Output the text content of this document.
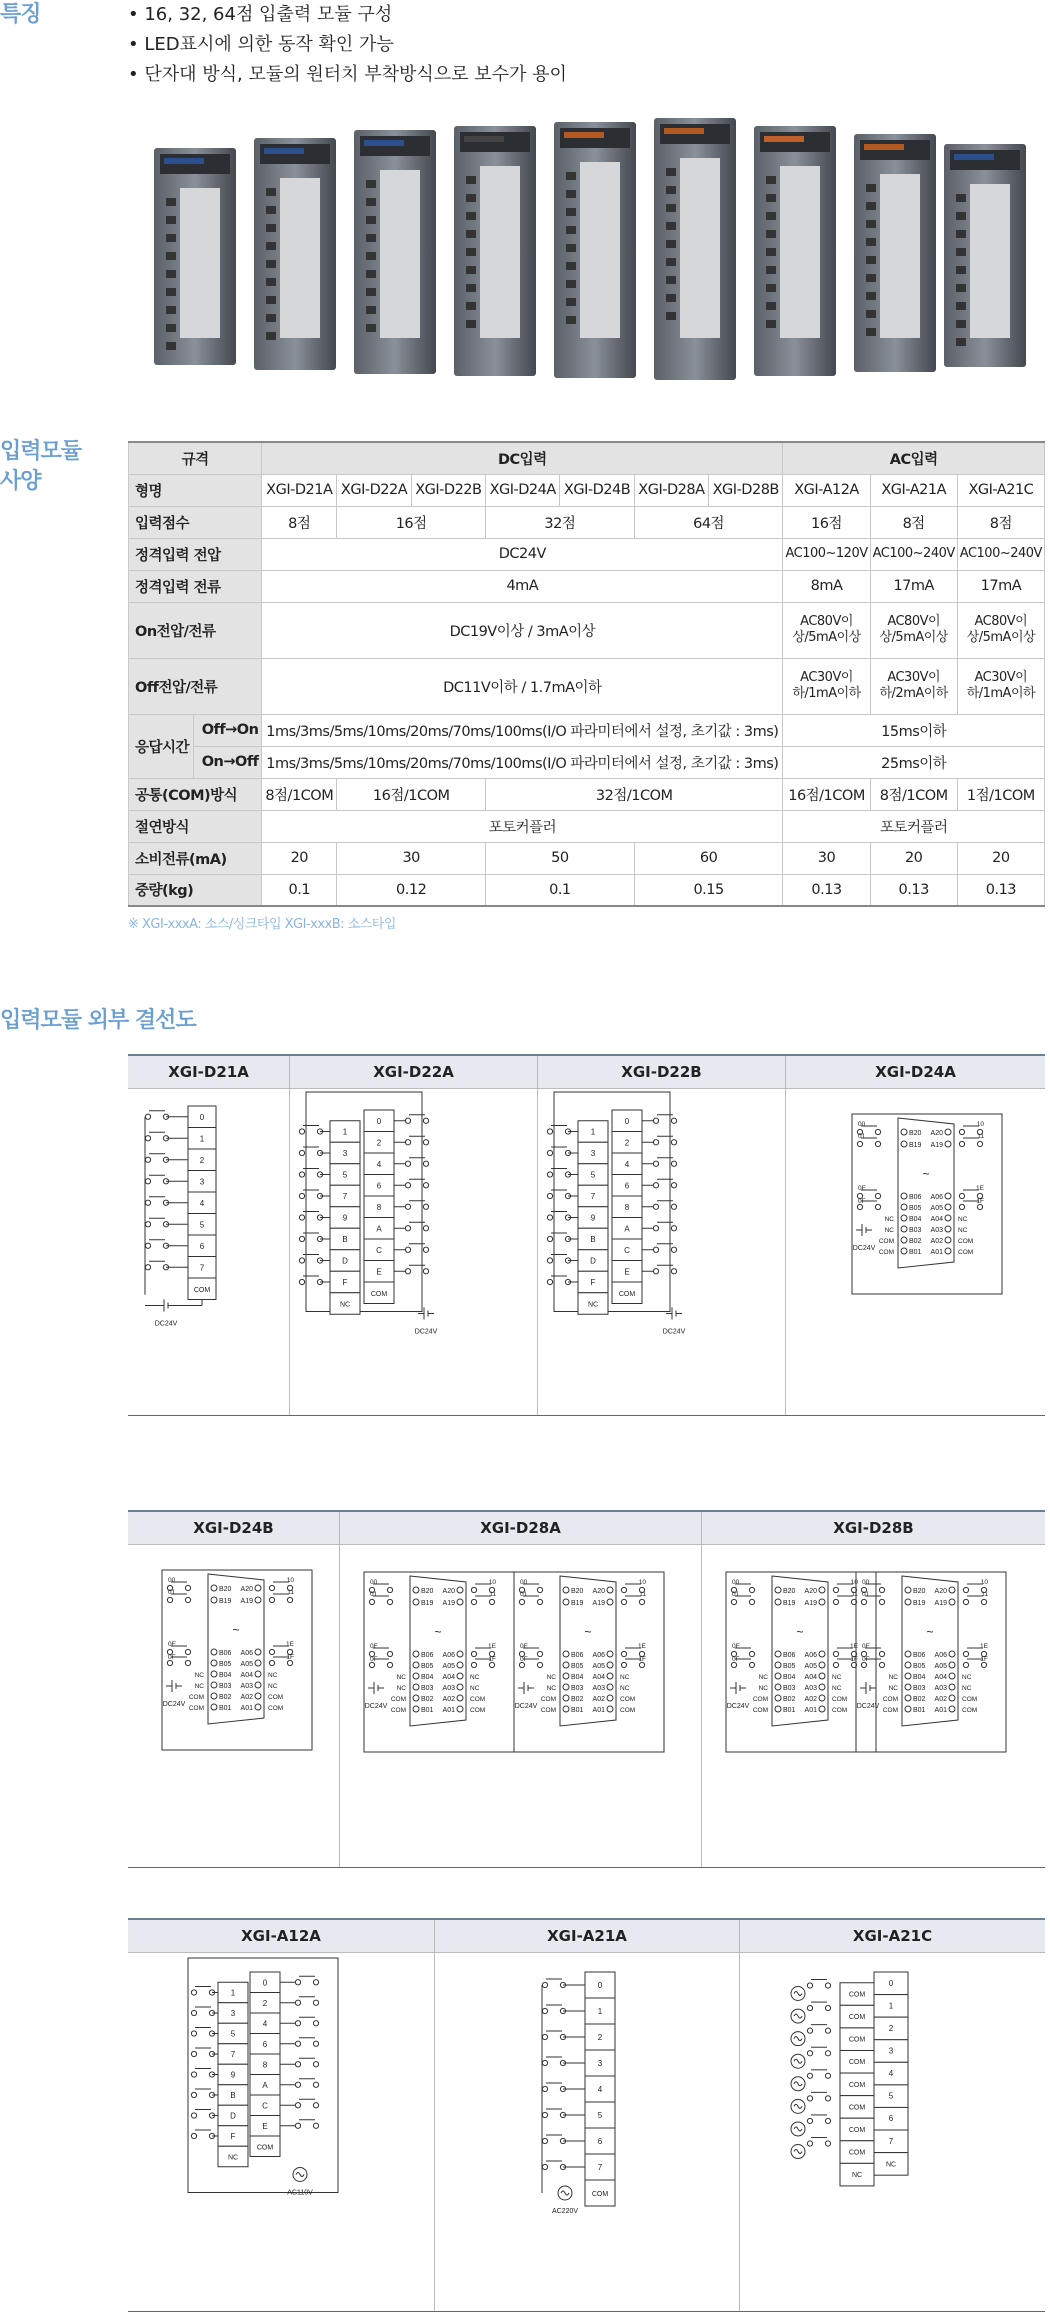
특징	• 16, 32, 64점 입출력 모듈 구성
• LED표시에 의한 동작 확인 가능
• 단자대 방식, 모듈의 원터치 부착방식으로 보수가 용이
입력모듈
사양
규격		DC입력							AC입력		
형명		XGI-D21A	XGI-D22A	XGI-D22B	XGI-D24A	XGI-D24B	XGI-D28A	XGI-D28B	XGI-A12A	XGI-A21A	XGI-A21C
입력점수		8점	16점		32점		64점		16점	8점	8점
정격입력 전압		DC24V							AC100~120V	AC100~240V	AC100~240V
정격입력 전류		4mA							8mA	17mA	17mA
On전압/전류		DC19V이상 / 3mA이상							AC80V이상/5mA이상	AC80V이상/5mA이상	AC80V이상/5mA이상
Off전압/전류		DC11V이하 / 1.7mA이하							AC30V이하/1mA이하	AC30V이하/2mA이하	AC30V이하/1mA이하
응답시간	Off→On	1ms/3ms/5ms/10ms/20ms/70ms/100ms(I/O 파라미터에서 설정, 초기값 : 3ms)							15ms이하		
	On→Off	1ms/3ms/5ms/10ms/20ms/70ms/100ms(I/O 파라미터에서 설정, 초기값 : 3ms)							25ms이하		
공통(COM)방식		8점/1COM	16점/1COM		32점/1COM				16점/1COM	8점/1COM	1점/1COM
절연방식		포토커플러							포토커플러		
소비전류(mA)		20	30		50		60		30	20	20
중량(kg)		0.1	0.12		0.1		0.15		0.13	0.13	0.13
※ XGI-xxxA: 소스/싱크타입 XGI-xxxB: 소스타입
입력모듈 외부 결선도
XGI-D21A
0
1
2
3
4
5
6
7
COM
DC24V
XGI-D22A
0
2
4
6
8
A
C
E
COM
1
3
5
7
9
B
D
F
NC
DC24V
XGI-D22B
0
2
4
6
8
A
C
E
COM
1
3
5
7
9
B
D
F
NC
DC24V
XGI-D24A
B20 A20
B19 A19
~
B06 A06
B05 A05
B04 A04
B03 A03
B02 A02
B01 A01
NC
NC
COM
COM
NC
NC
COM
COM
00
01
10
11
0E
0F
1E
1F
DC24V
XGI-D24B
B20 A20
B19 A19
~
B06 A06
B05 A05
B04 A04
B03 A03
B02 A02
B01 A01
NC
NC
COM
COM
NC
NC
COM
COM
00
01
10
11
0E
0F
1E
1F
DC24V
XGI-D28A
B20 A20
B19 A19
~
B06 A06
B05 A05
B04 A04
B03 A03
B02 A02
B01 A01
NC
NC
COM
COM
NC
NC
COM
COM
00
01
10
11
0E
0F
1E
1F
DC24V
B20 A20
B19 A19
~
B06 A06
B05 A05
B04 A04
B03 A03
B02 A02
B01 A01
NC
NC
COM
COM
NC
NC
COM
COM
00
01
10
11
0E
0F
1E
1F
DC24V
XGI-D28B
B20 A20
B19 A19
~
B06 A06
B05 A05
B04 A04
B03 A03
B02 A02
B01 A01
NC
NC
COM
COM
NC
NC
COM
COM
00
01
10
11
0E
0F
1E
1F
DC24V
B20 A20
B19 A19
~
B06 A06
B05 A05
B04 A04
B03 A03
B02 A02
B01 A01
NC
NC
COM
COM
NC
NC
COM
COM
00
01
10
11
0E
0F
1E
1F
DC24V
XGI-A12A
0
2
4
6
8
A
C
E
COM
1
3
5
7
9
B
D
F
NC
AC110V
XGI-A21A
0
1
2
3
4
5
6
7
COM
AC220V
XGI-A21C
0
1
2
3
4
5
6
7
NC
COM
COM
COM
COM
COM
COM
COM
COM
NC
